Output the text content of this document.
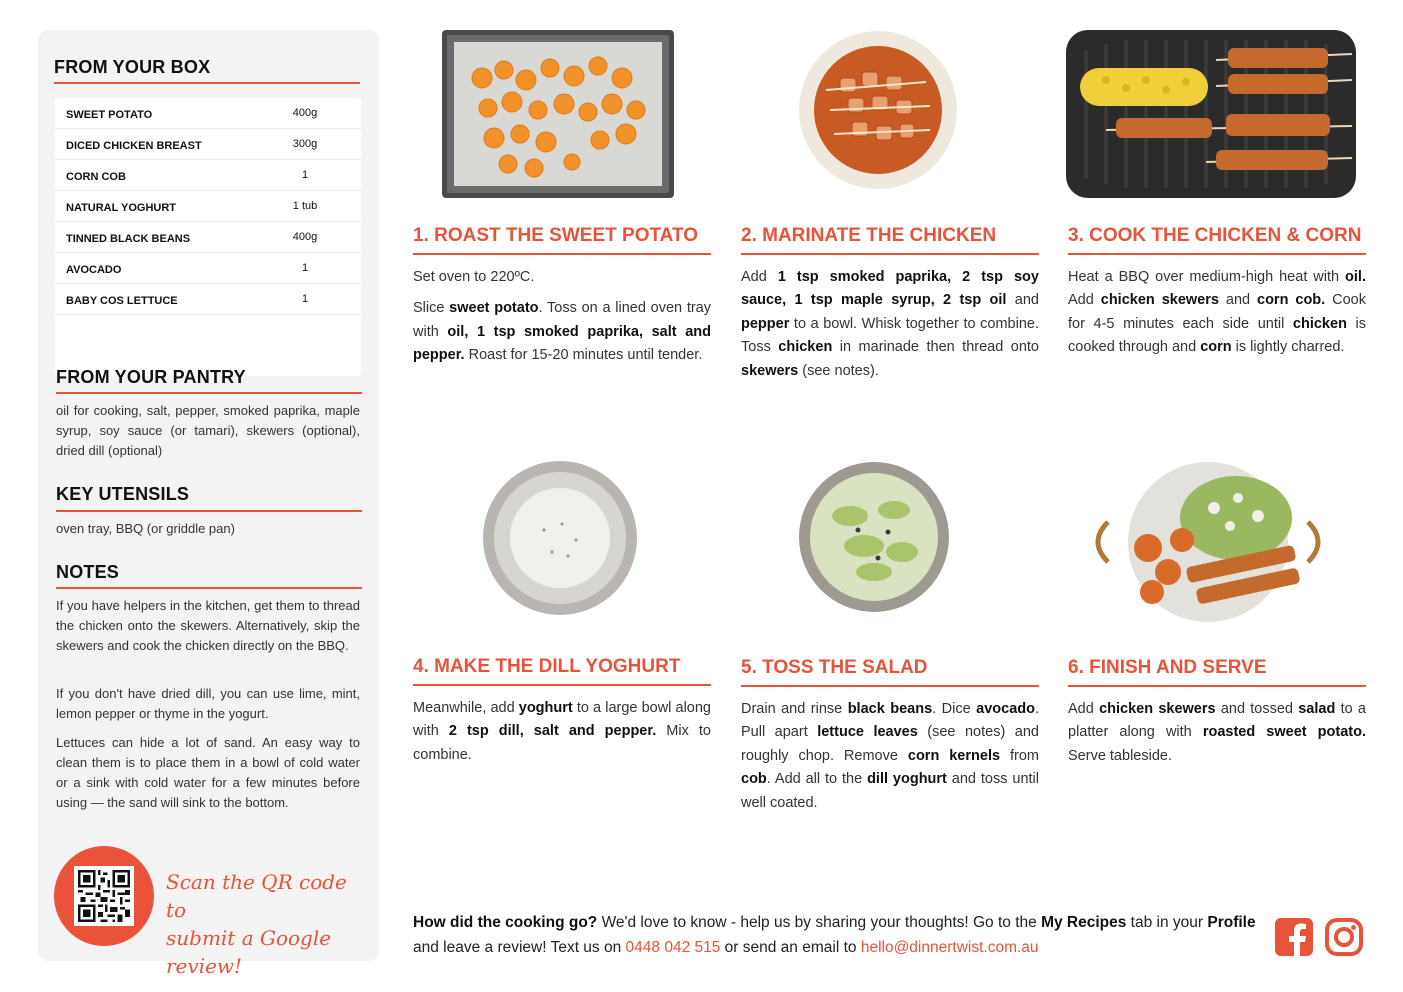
FROM YOUR BOX
SWEET POTATO	400g
DICED CHICKEN BREAST	300g
CORN COB	1
NATURAL YOGHURT	1 tub
TINNED BLACK BEANS	400g
AVOCADO	1
BABY COS LETTUCE	1
FROM YOUR PANTRY
oil for cooking, salt, pepper, smoked paprika, maple syrup, soy sauce (or tamari), skewers (optional), dried dill (optional)
KEY UTENSILS
oven tray, BBQ (or griddle pan)
NOTES
If you have helpers in the kitchen, get them to thread the chicken onto the skewers. Alternatively, skip the skewers and cook the chicken directly on the BBQ.
If you don't have dried dill, you can use lime, mint, lemon pepper or thyme in the yogurt.
Lettuces can hide a lot of sand. An easy way to clean them is to place them in a bowl of cold water or a sink with cold water for a few minutes before using — the sand will sink to the bottom.
Scan the QR code to
submit a Google review!
1. ROAST THE SWEET POTATO

Set oven to 220ºC.

Slice sweet potato. Toss on a lined oven tray with oil, 1 tsp smoked paprika, salt and pepper. Roast for 15-20 minutes until tender.

2. MARINATE THE CHICKEN

Add 1 tsp smoked paprika, 2 tsp soy sauce, 1 tsp maple syrup, 2 tsp oil and pepper to a bowl. Whisk together to combine. Toss chicken in marinade then thread onto skewers (see notes).

3. COOK THE CHICKEN & CORN

Heat a BBQ over medium-high heat with oil. Add chicken skewers and corn cob. Cook for 4-5 minutes each side until chicken is cooked through and corn is lightly charred.

4. MAKE THE DILL YOGHURT

Meanwhile, add yoghurt to a large bowl along with 2 tsp dill, salt and pepper. Mix to combine.

5. TOSS THE SALAD

Drain and rinse black beans. Dice avocado. Pull apart lettuce leaves (see notes) and roughly chop. Remove corn kernels from cob. Add all to the dill yoghurt and toss until well coated.

6. FINISH AND SERVE

Add chicken skewers and tossed salad to a platter along with roasted sweet potato. Serve tableside.

How did the cooking go? We'd love to know - help us by sharing your thoughts! Go to the My Recipes tab in your Profile and leave a review! Text us on 0448 042 515 or send an email to hello@dinnertwist.com.au
